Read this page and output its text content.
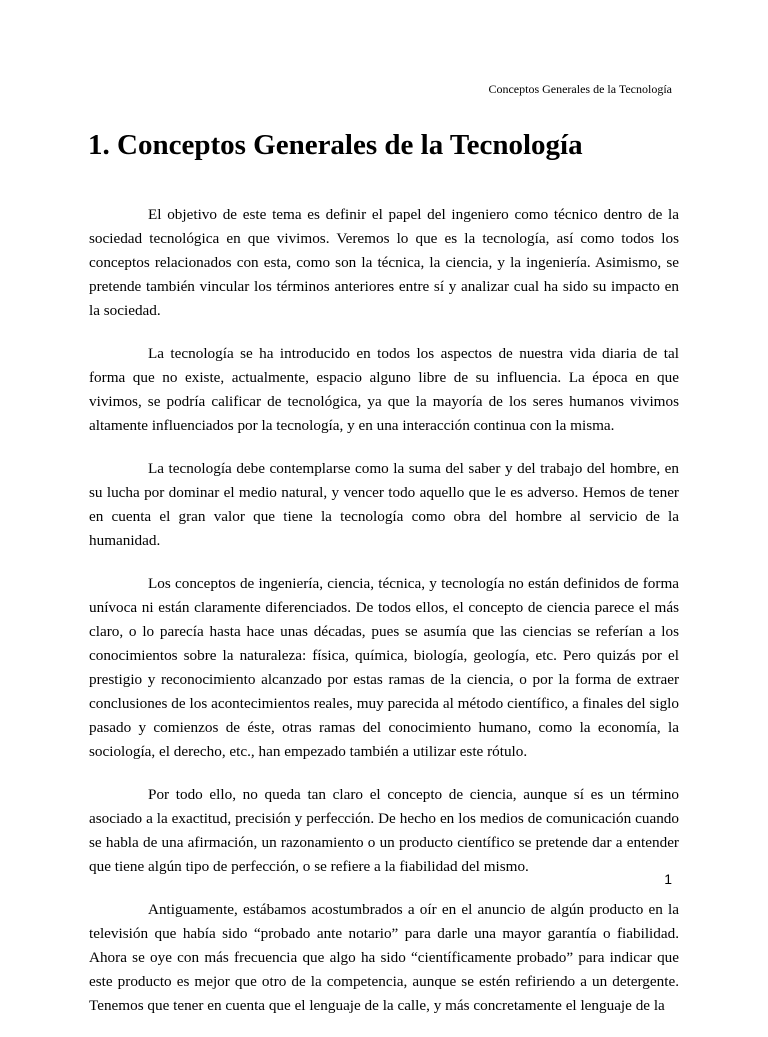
Conceptos Generales de la Tecnología
1. Conceptos Generales de la Tecnología

El objetivo de este tema es definir el papel del ingeniero como técnico dentro de la sociedad tecnológica en que vivimos. Veremos lo que es la tecnología, así como todos los conceptos relacionados con esta, como son la técnica, la ciencia, y la ingeniería. Asimismo, se pretende también vincular los términos anteriores entre sí y analizar cual ha sido su impacto en la sociedad.

La tecnología se ha introducido en todos los aspectos de nuestra vida diaria de tal forma que no existe, actualmente, espacio alguno libre de su influencia. La época en que vivimos, se podría calificar de tecnológica, ya que la mayoría de los seres humanos vivimos altamente influenciados por la tecnología, y en una interacción continua con la misma.

La tecnología debe contemplarse como la suma del saber y del trabajo del hombre, en su lucha por dominar el medio natural, y vencer todo aquello que le es adverso. Hemos de tener en cuenta el gran valor que tiene la tecnología como obra del hombre al servicio de la humanidad.

Los conceptos de ingeniería, ciencia, técnica, y tecnología no están definidos de forma unívoca ni están claramente diferenciados. De todos ellos, el concepto de ciencia parece el más claro, o lo parecía hasta hace unas décadas, pues se asumía que las ciencias se referían a los conocimientos sobre la naturaleza: física, química, biología, geología, etc. Pero quizás por el prestigio y reconocimiento alcanzado por estas ramas de la ciencia, o por la forma de extraer conclusiones de los acontecimientos reales, muy parecida al método científico, a finales del siglo pasado y comienzos de éste, otras ramas del conocimiento humano, como la economía, la sociología, el derecho, etc., han empezado también a utilizar este rótulo.

Por todo ello, no queda tan claro el concepto de ciencia, aunque sí es un término asociado a la exactitud, precisión y perfección. De hecho en los medios de comunicación cuando se habla de una afirmación, un razonamiento o un producto científico se pretende dar a entender que tiene algún tipo de perfección, o se refiere a la fiabilidad del mismo.

Antiguamente, estábamos acostumbrados a oír en el anuncio de algún producto en la televisión que había sido “probado ante notario” para darle una mayor garantía o fiabilidad. Ahora se oye con más frecuencia que algo ha sido “científicamente probado” para indicar que este producto es mejor que otro de la competencia, aunque se estén refiriendo a un detergente. Tenemos que tener en cuenta que el lenguaje de la calle, y más concretamente el lenguaje de la

1
